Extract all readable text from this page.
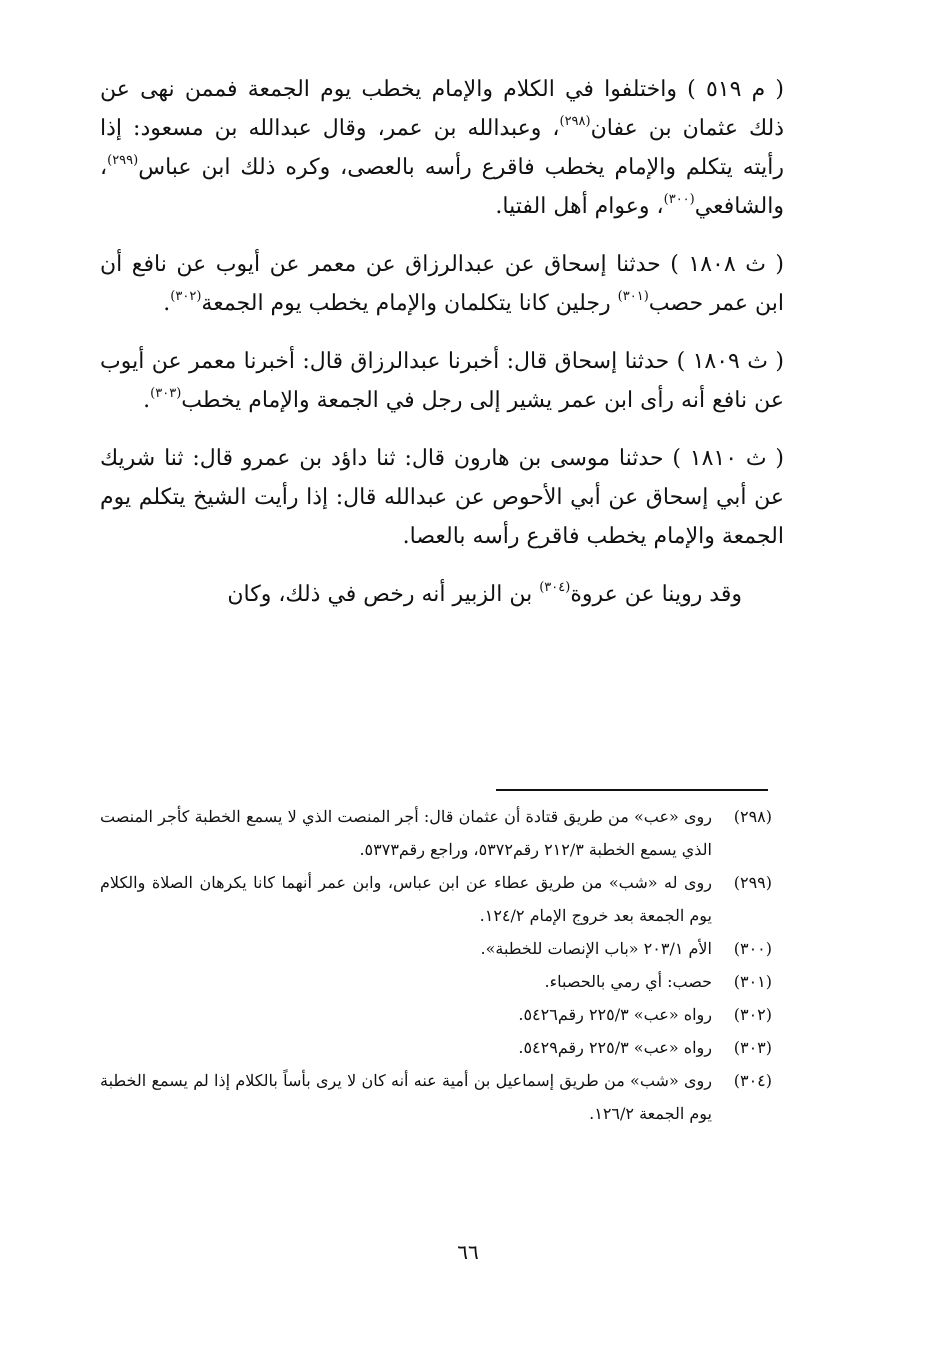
( م ٥١٩ ) واختلفوا في الكلام والإمام يخطب يوم الجمعة فممن نهى عن ذلك عثمان بن عفان$^{(٢٩٨)}$، وعبدالله بن عمر، وقال عبدالله بن مسعود: إذا رأيته يتكلم والإمام يخطب فاقرع رأسه بالعصى، وكره ذلك ابن عباس$^{(٢٩٩)}$، والشافعي$^{(٣٠٠)}$، وعوام أهل الفتيا.

( ث ١٨٠٨ ) حدثنا إسحاق عن عبدالرزاق عن معمر عن أيوب عن نافع أن ابن عمر حصب$^{(٣٠١)}$ رجلين كانا يتكلمان والإمام يخطب يوم الجمعة$^{(٣٠٢)}$.

( ث ١٨٠٩ ) حدثنا إسحاق قال: أخبرنا عبدالرزاق قال: أخبرنا معمر عن أيوب عن نافع أنه رأى ابن عمر يشير إلى رجل في الجمعة والإمام يخطب$^{(٣٠٣)}$.

( ث ١٨١٠ ) حدثنا موسى بن هارون قال: ثنا داؤد بن عمرو قال: ثنا شريك عن أبي إسحاق عن أبي الأحوص عن عبدالله قال: إذا رأيت الشيخ يتكلم يوم الجمعة والإمام يخطب فاقرع رأسه بالعصا.

وقد روينا عن عروة$^{(٣٠٤)}$ بن الزبير أنه رخص في ذلك، وكان

(٢٩٨)
روى «عب» من طريق قتادة أن عثمان قال: أجر المنصت الذي لا يسمع الخطبة كأجر المنصت الذي يسمع الخطبة ٢١٢/٣ رقم٥٣٧٢، وراجع رقم٥٣٧٣.
(٢٩٩)
روى له «شب» من طريق عطاء عن ابن عباس، وابن عمر أنهما كانا يكرهان الصلاة والكلام يوم الجمعة بعد خروج الإمام ١٢٤/٢.
(٣٠٠)
الأم ٢٠٣/١ «باب الإنصات للخطبة».
(٣٠١)
حصب: أي رمي بالحصباء.
(٣٠٢)
رواه «عب» ٢٢٥/٣ رقم٥٤٢٦.
(٣٠٣)
رواه «عب» ٢٢٥/٣ رقم٥٤٢٩.
(٣٠٤)
روى «شب» من طريق إسماعيل بن أمية عنه أنه كان لا يرى بأساً بالكلام إذا لم يسمع الخطبة يوم الجمعة ١٢٦/٢.
٦٦
